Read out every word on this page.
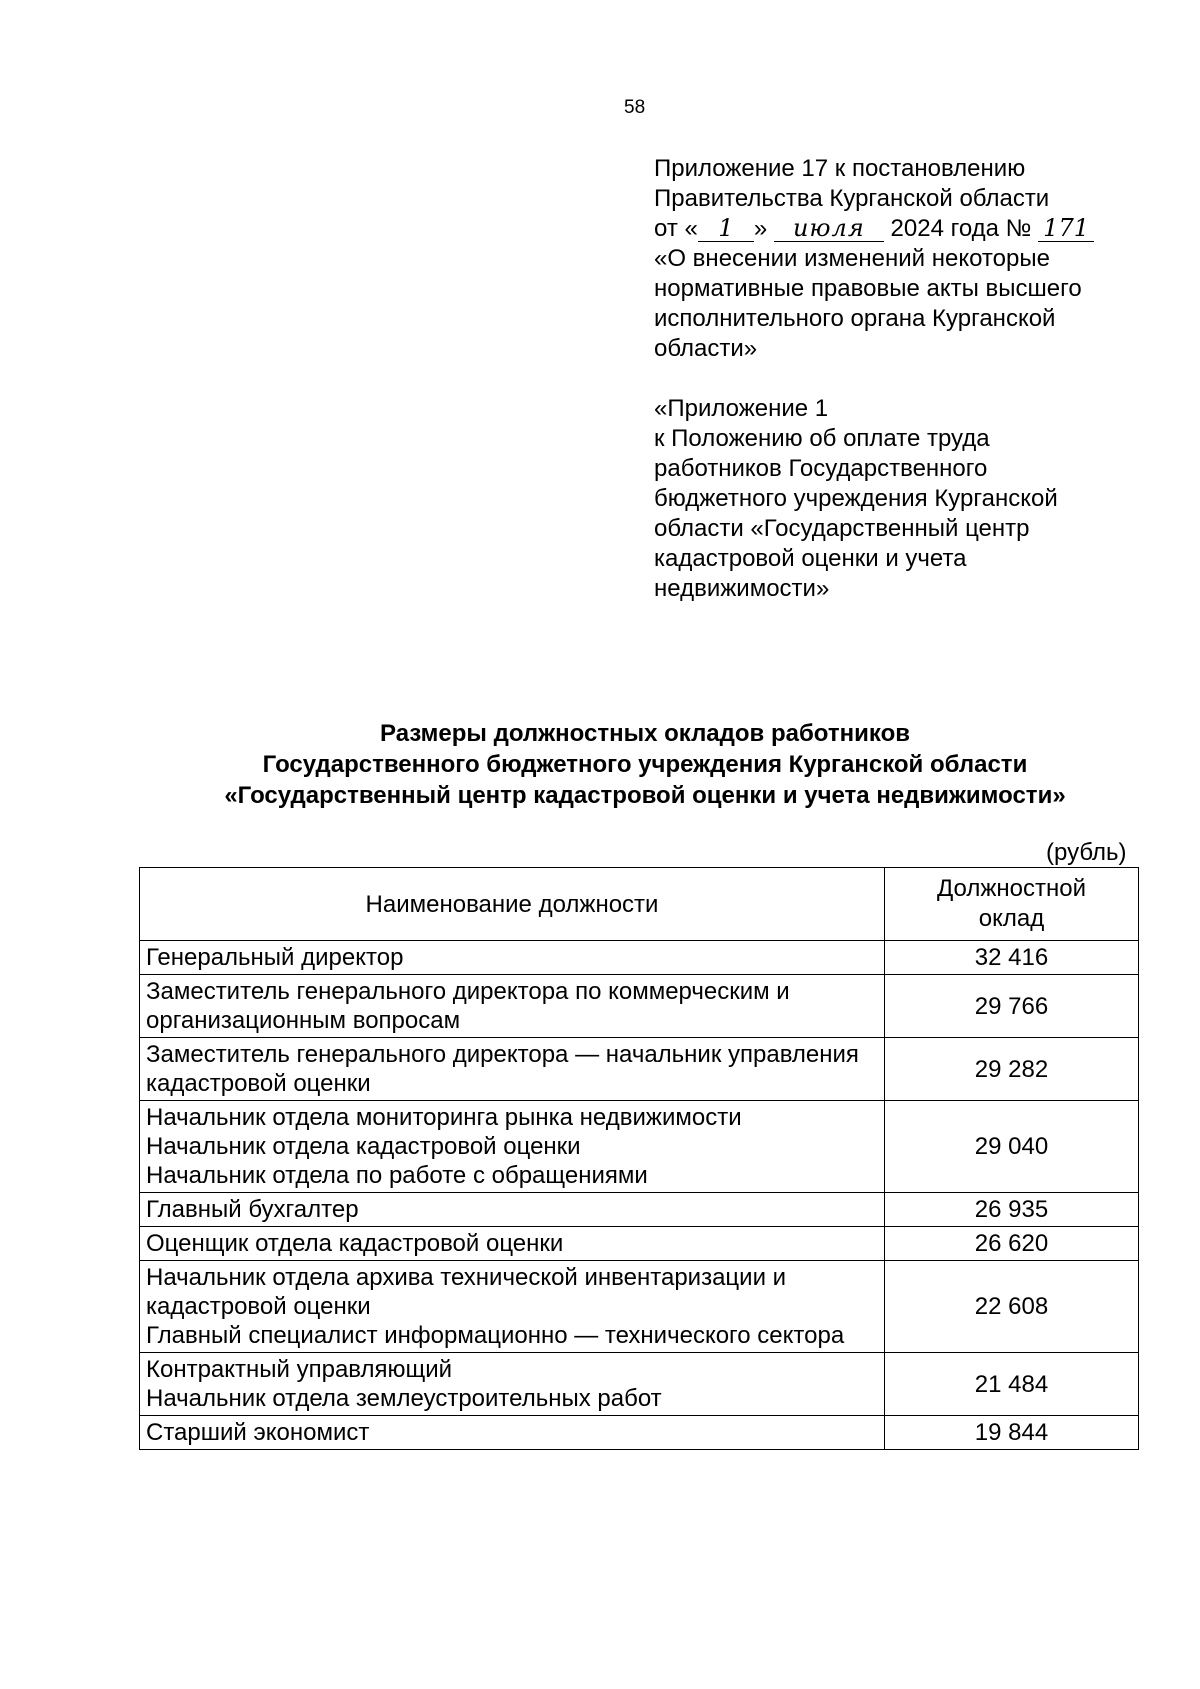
58
Приложение 17 к постановлению
Правительства Курганской области
от « 1 » июля 2024 года № 171
«О внесении изменений некоторые
нормативные правовые акты высшего
исполнительного органа Курганской
области»
«Приложение 1
к Положению об оплате труда
работников Государственного
бюджетного учреждения Курганской
области «Государственный центр
кадастровой оценки и учета
недвижимости»
Размеры должностных окладов работников
Государственного бюджетного учреждения Курганской области
«Государственный центр кадастровой оценки и учета недвижимости»
(рубль)
Наименование должности	Должностной
оклад

Генеральный директор	32 416

Заместитель генерального директора по коммерческим и организационным вопросам	29 766

Заместитель генерального директора — начальник управления кадастровой оценки	29 282

Начальник отдела мониторинга рынка недвижимости
Начальник отдела кадастровой оценки
Начальник отдела по работе с обращениями	29 040

Главный бухгалтер	26 935

Оценщик отдела кадастровой оценки	26 620

Начальник отдела архива технической инвентаризации и кадастровой оценки
Главный специалист информационно — технического сектора	22 608

Контрактный управляющий
Начальник отдела землеустроительных работ	21 484

Старший экономист	19 844
